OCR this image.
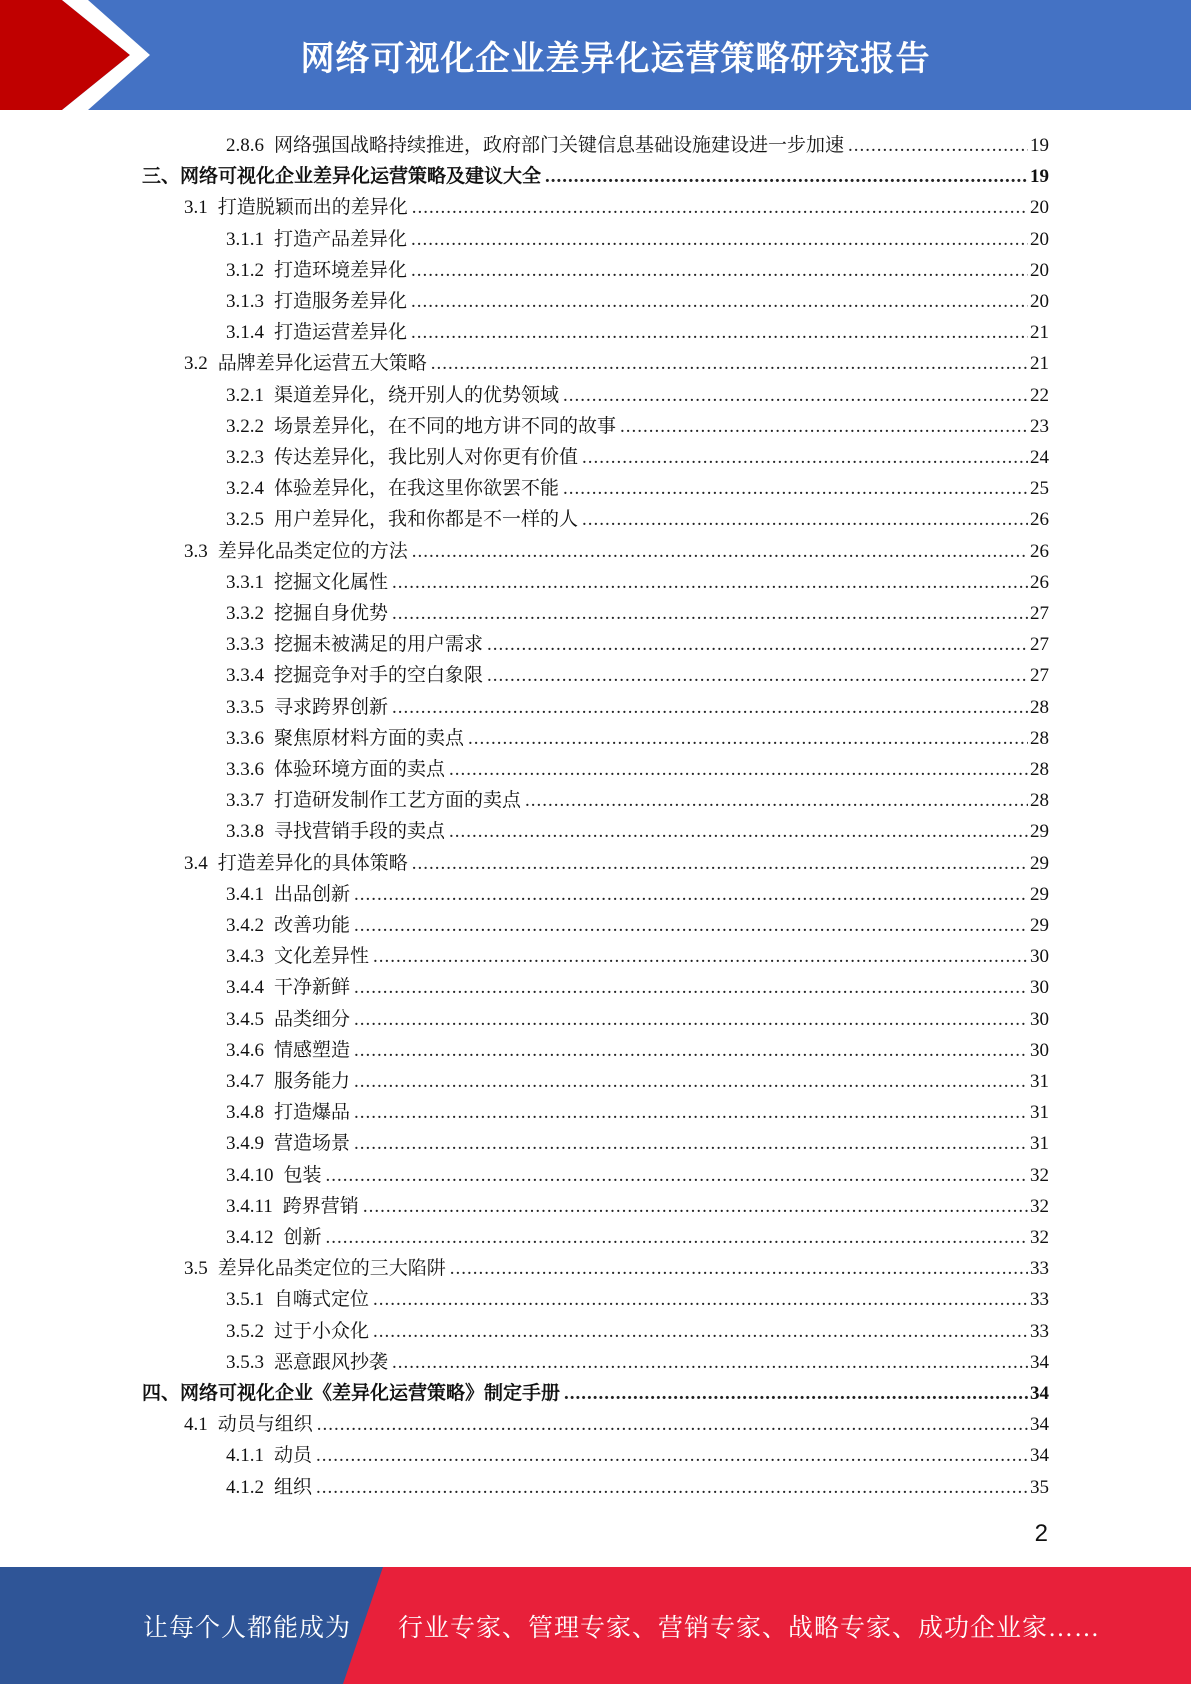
网络可视化企业差异化运营策略研究报告
2.8.6 网络强国战略持续推进，政府部门关键信息基础设施建设进一步加速 .....	19
三、网络可视化企业差异化运营策略及建议大全 .....	19
3.1 打造脱颖而出的差异化 .....	20
3.1.1 打造产品差异化 .....	20
3.1.2 打造环境差异化 .....	20
3.1.3 打造服务差异化 .....	20
3.1.4 打造运营差异化 .....	21
3.2 品牌差异化运营五大策略 .....	21
3.2.1 渠道差异化，绕开别人的优势领域 .....	22
3.2.2 场景差异化，在不同的地方讲不同的故事 .....	23
3.2.3 传达差异化，我比别人对你更有价值 .....	24
3.2.4 体验差异化，在我这里你欲罢不能 .....	25
3.2.5 用户差异化，我和你都是不一样的人 .....	26
3.3 差异化品类定位的方法 .....	26
3.3.1 挖掘文化属性 .....	26
3.3.2 挖掘自身优势 .....	27
3.3.3 挖掘未被满足的用户需求 .....	27
3.3.4 挖掘竞争对手的空白象限 .....	27
3.3.5 寻求跨界创新 .....	28
3.3.6 聚焦原材料方面的卖点 .....	28
3.3.6 体验环境方面的卖点 .....	28
3.3.7 打造研发制作工艺方面的卖点 .....	28
3.3.8 寻找营销手段的卖点 .....	29
3.4 打造差异化的具体策略 .....	29
3.4.1 出品创新 .....	29
3.4.2 改善功能 .....	29
3.4.3 文化差异性 .....	30
3.4.4 干净新鲜 .....	30
3.4.5 品类细分 .....	30
3.4.6 情感塑造 .....	30
3.4.7 服务能力 .....	31
3.4.8 打造爆品 .....	31
3.4.9 营造场景 .....	31
3.4.10 包装 .....	32
3.4.11 跨界营销 .....	32
3.4.12 创新 .....	32
3.5 差异化品类定位的三大陷阱 .....	33
3.5.1 自嗨式定位 .....	33
3.5.2 过于小众化 .....	33
3.5.3 恶意跟风抄袭 .....	34
四、网络可视化企业《差异化运营策略》制定手册 .....	34
4.1 动员与组织 .....	34
4.1.1 动员 .....	34
4.1.2 组织 .....	35
2
让每个人都能成为 行业专家、管理专家、营销专家、战略专家、成功企业家……
